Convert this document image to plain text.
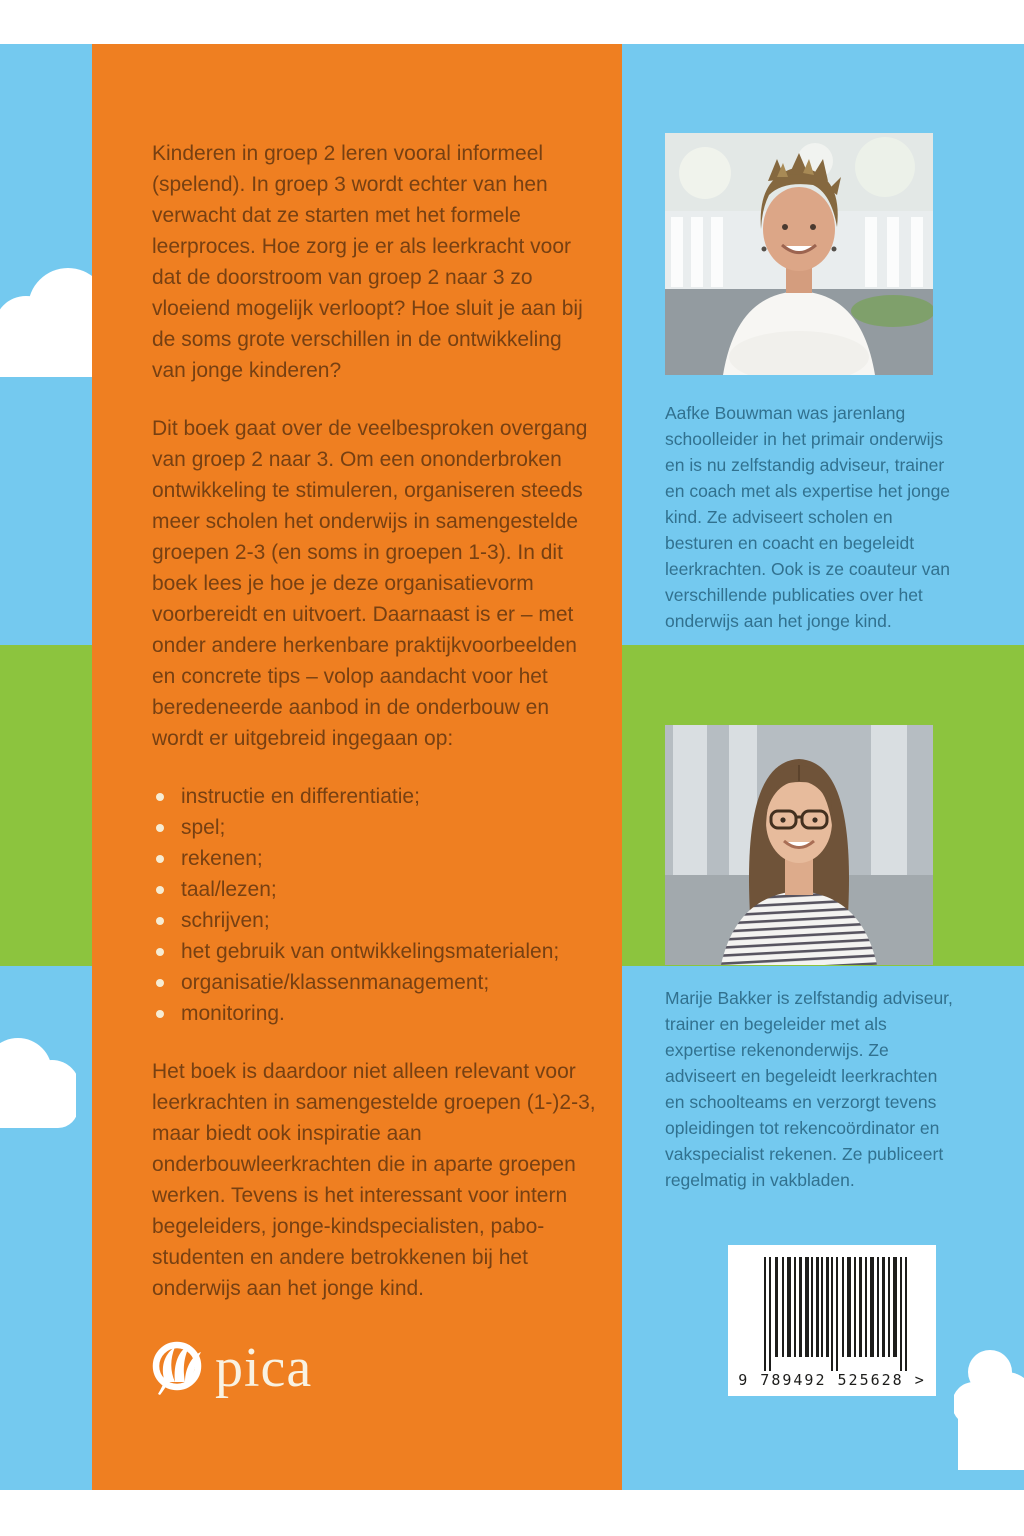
Kinderen in groep 2 leren vooral informeel (spelend). In groep 3 wordt echter van hen verwacht dat ze starten met het formele leerproces. Hoe zorg je er als leerkracht voor dat de doorstroom van groep 2 naar 3 zo vloeiend mogelijk verloopt? Hoe sluit je aan bij de soms grote verschillen in de ontwikkeling van jonge kinderen?

Dit boek gaat over de veelbesproken overgang van groep 2 naar 3. Om een ononderbroken ontwikkeling te stimuleren, organiseren steeds meer scholen het onderwijs in samengestelde groepen 2-3 (en soms in groepen 1-3). In dit boek lees je hoe je deze organisatievorm voorbereidt en uitvoert. Daarnaast is er – met onder andere herkenbare praktijkvoorbeelden en concrete tips – volop aandacht voor het beredeneerde aanbod in de onderbouw en wordt er uitgebreid ingegaan op:

instructie en differentiatie;
spel;
rekenen;
taal/lezen;
schrijven;
het gebruik van ontwikkelingsmaterialen;
organisatie/klassenmanagement;
monitoring.

Het boek is daardoor niet alleen relevant voor leerkrachten in samengestelde groepen (1-)2-3, maar biedt ook inspiratie aan onderbouwleerkrachten die in aparte groepen werken. Tevens is het interessant voor intern begeleiders, jonge-kindspecialisten, pabo-studenten en andere betrokkenen bij het onderwijs aan het jonge kind.

pica
Aafke Bouwman was jarenlang schoolleider in het primair onderwijs en is nu zelfstandig adviseur, trainer en coach met als expertise het jonge kind. Ze adviseert scholen en besturen en coacht en begeleidt leerkrachten. Ook is ze coauteur van verschillende publicaties over het onderwijs aan het jonge kind.
Marije Bakker is zelfstandig adviseur, trainer en begeleider met als expertise rekenonderwijs. Ze adviseert en begeleidt leerkrachten en schoolteams en verzorgt tevens opleidingen tot rekencoördinator en vakspecialist rekenen. Ze publiceert regelmatig in vakbladen.
9 789492 525628 >
